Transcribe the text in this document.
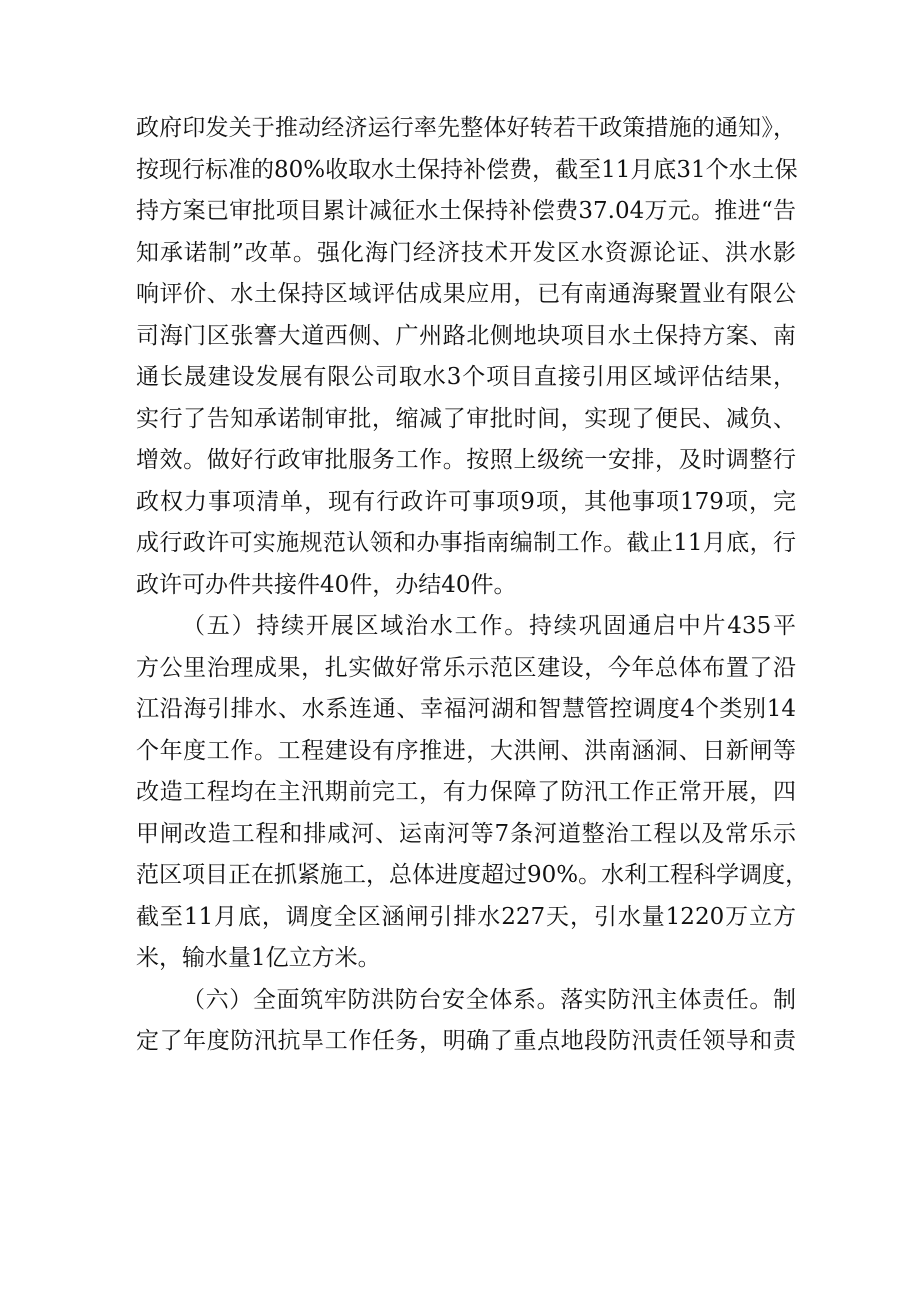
政府印发关于推动经济运行率先整体好转若干政策措施的通知》，
按现行标准的80%收取水土保持补偿费，截至11月底31个水土保
持方案已审批项目累计减征水土保持补偿费37.04万元。推进“告
知承诺制”改革。强化海门经济技术开发区水资源论证、洪水影
响评价、水土保持区域评估成果应用，已有南通海聚置业有限公
司海门区张謇大道西侧、广州路北侧地块项目水土保持方案、南
通长晟建设发展有限公司取水3个项目直接引用区域评估结果，
实行了告知承诺制审批，缩减了审批时间，实现了便民、减负、
增效。做好行政审批服务工作。按照上级统一安排，及时调整行
政权力事项清单，现有行政许可事项9项，其他事项179项，完
成行政许可实施规范认领和办事指南编制工作。截止11月底，行
政许可办件共接件40件，办结40件。
（五）持续开展区域治水工作。持续巩固通启中片435平
方公里治理成果，扎实做好常乐示范区建设，今年总体布置了沿
江沿海引排水、水系连通、幸福河湖和智慧管控调度4个类别14
个年度工作。工程建设有序推进，大洪闸、洪南涵洞、日新闸等
改造工程均在主汛期前完工，有力保障了防汛工作正常开展，四
甲闸改造工程和排咸河、运南河等7条河道整治工程以及常乐示
范区项目正在抓紧施工，总体进度超过90%。水利工程科学调度，
截至11月底，调度全区涵闸引排水227天，引水量1220万立方
米，输水量1亿立方米。
（六）全面筑牢防洪防台安全体系。落实防汛主体责任。制
定了年度防汛抗旱工作任务，明确了重点地段防汛责任领导和责
